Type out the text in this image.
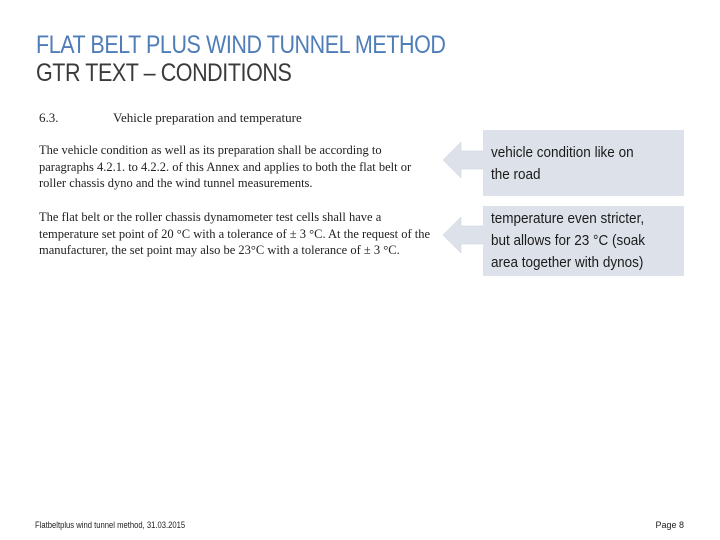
FLAT BELT PLUS WIND TUNNEL METHOD
GTR TEXT – CONDITIONS
6.3.	Vehicle preparation and temperature

The vehicle condition as well as its preparation shall be according to paragraphs 4.2.1. to 4.2.2. of this Annex and applies to both the flat belt or roller chassis dyno and the wind tunnel measurements.

The flat belt or the roller chassis dynamometer test cells shall have a temperature set point of 20 °C with a tolerance of ± 3 °C. At the request of the manufacturer, the set point may also be 23°C with a tolerance of ± 3 °C.

vehicle condition like on
the road
temperature even stricter,
but allows for 23 °C (soak
area together with dynos)
Flatbeltplus wind tunnel method, 31.03.2015	Page 8
